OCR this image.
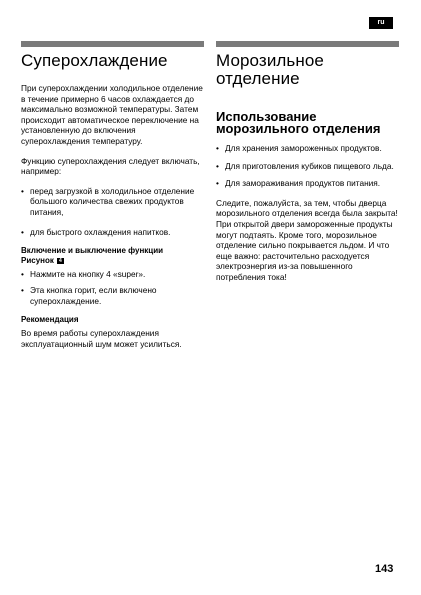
ru
Суперохлаждение

При суперохлаждении холодильное отделение в течение примерно 6 часов охлаждается до максимально возможной температуры. Затем происходит автоматическое переключение на установленную до включения суперохлаждения температуру.

Функцию суперохлаждения следует включать, например:

• перед загрузкой в холодильное отделение большого количества свежих продуктов питания,
• для быстрого охлаждения напитков.
Включение и выключение функции
Рисунок 4
• Нажмите на кнопку 4 «super».
• Эта кнопка горит, если включено суперохлаждение.
Рекомендация

Во время работы суперохлаждения эксплуатационный шум может усилиться.

Морозильное отделение
Использование морозильного отделения
• Для хранения замороженных продуктов.
• Для приготовления кубиков пищевого льда.
• Для замораживания продуктов питания.

Следите, пожалуйста, за тем, чтобы дверца морозильного отделения всегда была закрыта! При открытой двери замороженные продукты могут подтаять. Кроме того, морозильное отделение сильно покрывается льдом. И что еще важно: расточительно расходуется электроэнергия из-за повышенного потребления тока!

143
